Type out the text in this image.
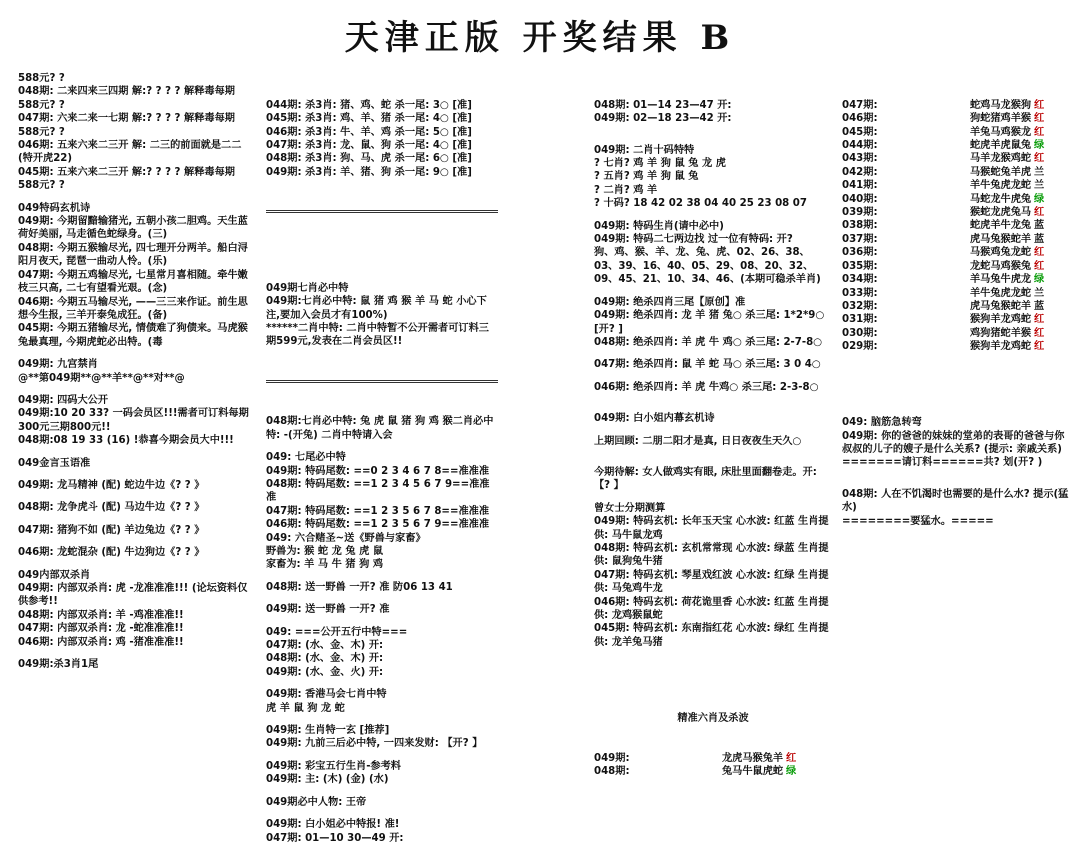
天津正版 开奖结果 B
588元? ?
048期: 二来四来三四期 解:? ? ? ? 解释毒每期
588元? ?
047期: 六来二来一七期 解:? ? ? ? 解释毒每期
588元? ?
046期: 五来六来二三开 解: 二三的前面就是二二 (特开虎22)
045期: 五来六来二三开 解:? ? ? ? 解释毒每期
588元? ?
049特码玄机诗
049期: 今期留黯输猪光, 五朝小孩二胆鸡。天生蓝荷好美丽, 马走循色蛇绿身。(三)
048期: 今期五猴输尽光, 四七理开分两羊。船白浔阳月夜天, 琵琶一曲动人怜。(乐)
047期: 今期五鸡输尽光, 七星常月喜相随。牵牛嫩枝三只高, 二七有望看光艰。(念)
046期: 今期五马输尽光, ——三三来作证。前生思想今生报, 三羊开泰兔成狂。(备)
045期: 今期五猪输尽光, 情债难了狗债来。马虎猴兔最真理, 今期虎蛇必出特。(毒
049期: 九宫禁肖
@**第049期**@**羊**@**对**@
049期: 四码大公开
049期:10 20 33? 一码会员区!!!需者可订料每期300元三期800元!!
048期:08 19 33 (16) !恭喜今期会员大中!!!
049金言玉语准
049期: 龙马精神 (配) 蛇边牛边《? ? 》
048期: 龙争虎斗 (配) 马边牛边《? ? 》
047期: 猪狗不如 (配) 羊边兔边《? ? 》
046期: 龙蛇混杂 (配) 牛边狗边《? ? 》
049内部双杀肖
049期: 内部双杀肖: 虎 -龙准准准!!! (论坛资料仅供参考!!
048期: 内部双杀肖: 羊 -鸡准准准!!
047期: 内部双杀肖: 龙 -蛇准准准!!
046期: 内部双杀肖: 鸡 -猪准准准!!
049期:杀3肖1尾

044期: 杀3肖: 猪、鸡、蛇 杀一尾: 3○ [准]
045期: 杀3肖: 鸡、羊、猪 杀一尾: 4○ [准]
046期: 杀3肖: 牛、羊、鸡 杀一尾: 5○ [准]
047期: 杀3肖: 龙、鼠、狗 杀一尾: 4○ [准]
048期: 杀3肖: 狗、马、虎 杀一尾: 6○ [准]
049期: 杀3肖: 羊、猪、狗 杀一尾: 9○ [准]

049期七肖必中特
049期:七肖必中特: 鼠 猪 鸡 猴 羊 马 蛇 小心下注,要加入会员才有100%)
******二肖中特: 二肖中特暂不公开需者可订料三期599元,发表在二肖会员区!!

048期:七肖必中特: 兔 虎 鼠 猪 狗 鸡 猴二肖必中特: -(开兔) 二肖中特请入会
049: 七尾必中特
049期: 特码尾数: ==0 2 3 4 6 7 8==准准准
048期: 特码尾数: ==1 2 3 4 5 6 7 9==准准准
047期: 特码尾数: ==1 2 3 5 6 7 8==准准准
046期: 特码尾数: ==1 2 3 5 6 7 9==准准准
049: 六合赌圣~送《野兽与家畜》
野兽为: 猴 蛇 龙 兔 虎 鼠
家畜为: 羊 马 牛 猪 狗 鸡
048期: 送一野兽 一开? 准 防06 13 41
049期: 送一野兽 一开? 准
049: ===公开五行中特===
047期: (水、金、木) 开:
048期: (水、金、木) 开:
049期: (水、金、火) 开:
049期: 香港马会七肖中特
虎 羊 鼠 狗 龙 蛇
049期: 生肖特一玄 [推荐]
049期: 九前三后必中特, 一四来发财: 【开? 】
049期: 彩宝五行生肖-参考料
049期: 主: (木) (金) (水)
049期必中人物: 王帝
049期: 白小姐必中特报! 准!
047期: 01—10 30—49 开:

048期: 01—14 23—47 开:
049期: 02—18 23—42 开:
049期: 二肖十码特特
? 七肖? 鸡 羊 狗 鼠 兔 龙 虎
? 五肖? 鸡 羊 狗 鼠 兔
? 二肖? 鸡 羊
? 十码? 18 42 02 38 04 40 25 23 08 07
049期: 特码生肖(请中必中)
049期: 特码二七两边找 过一位有特码: 开?
狗、鸡、猴、羊、龙、兔、虎、02、26、38、03、39、16、40、05、29、08、20、32、09、45、21、10、34、46、(本期可稳杀羊肖)
049期: 绝杀四肖三尾【原创】准
049期: 绝杀四肖: 龙 羊 猪 兔○ 杀三尾: 1*2*9○ [开? ]
048期: 绝杀四肖: 羊 虎 牛 鸡○ 杀三尾: 2-7-8○
047期: 绝杀四肖: 鼠 羊 蛇 马○ 杀三尾: 3 0 4○
046期: 绝杀四肖: 羊 虎 牛鸡○ 杀三尾: 2-3-8○
049期: 白小姐内幕玄机诗
上期回顾: 二朋二阳才是真, 日日夜夜生天久○
今期待解: 女人做鸡实有眼, 床肚里面翻卷走。开: 【? 】
曾女士分期测算
049期: 特码玄机: 长年玉天宝 心水波: 红蓝 生肖提供: 马牛鼠龙鸡
048期: 特码玄机: 玄机常常现 心水波: 绿蓝 生肖提供: 鼠狗兔牛猪
047期: 特码玄机: 琴星戏红波 心水波: 红绿 生肖提供: 马兔鸡牛龙
046期: 特码玄机: 荷花诡里香 心水波: 红蓝 生肖提供: 龙鸡猴鼠蛇
045期: 特码玄机: 东南指红花 心水波: 绿红 生肖提供: 龙羊兔马猪

精准六肖及杀波

049期:	龙虎马猴兔羊 红
048期:	兔马牛鼠虎蛇 绿

047期:	蛇鸡马龙猴狗 红
046期:	狗蛇猪鸡羊猴 红
045期:	羊兔马鸡猴龙 红
044期:	蛇虎羊虎鼠兔 绿
043期:	马羊龙猴鸡蛇 红
042期:	马猴蛇兔羊虎 兰
041期:	羊牛兔虎龙蛇 兰
040期:	马蛇龙牛虎兔 绿
039期:	猴蛇龙虎兔马 红
038期:	蛇虎羊牛龙兔 蓝
037期:	虎马兔猴蛇羊 蓝
036期:	马猴鸡兔龙蛇 红
035期:	龙蛇马鸡猴兔 红
034期:	羊马兔牛虎龙 绿
033期:	羊牛兔虎龙蛇 兰
032期:	虎马兔猴蛇羊 蓝
031期:	猴狗羊龙鸡蛇 红
030期:	鸡狗猪蛇羊猴 红
029期:	猴狗羊龙鸡蛇 红

049: 脑筋急转弯
049期: 你的爸爸的妹妹的堂弟的表哥的爸爸与你叔叔的儿子的嫂子是什么关系? (提示: 亲戚关系)
=======请订料======共? 划(开? )
048期: 人在不饥渴时也需要的是什么水? 提示(猛水)
========要猛水。=====
